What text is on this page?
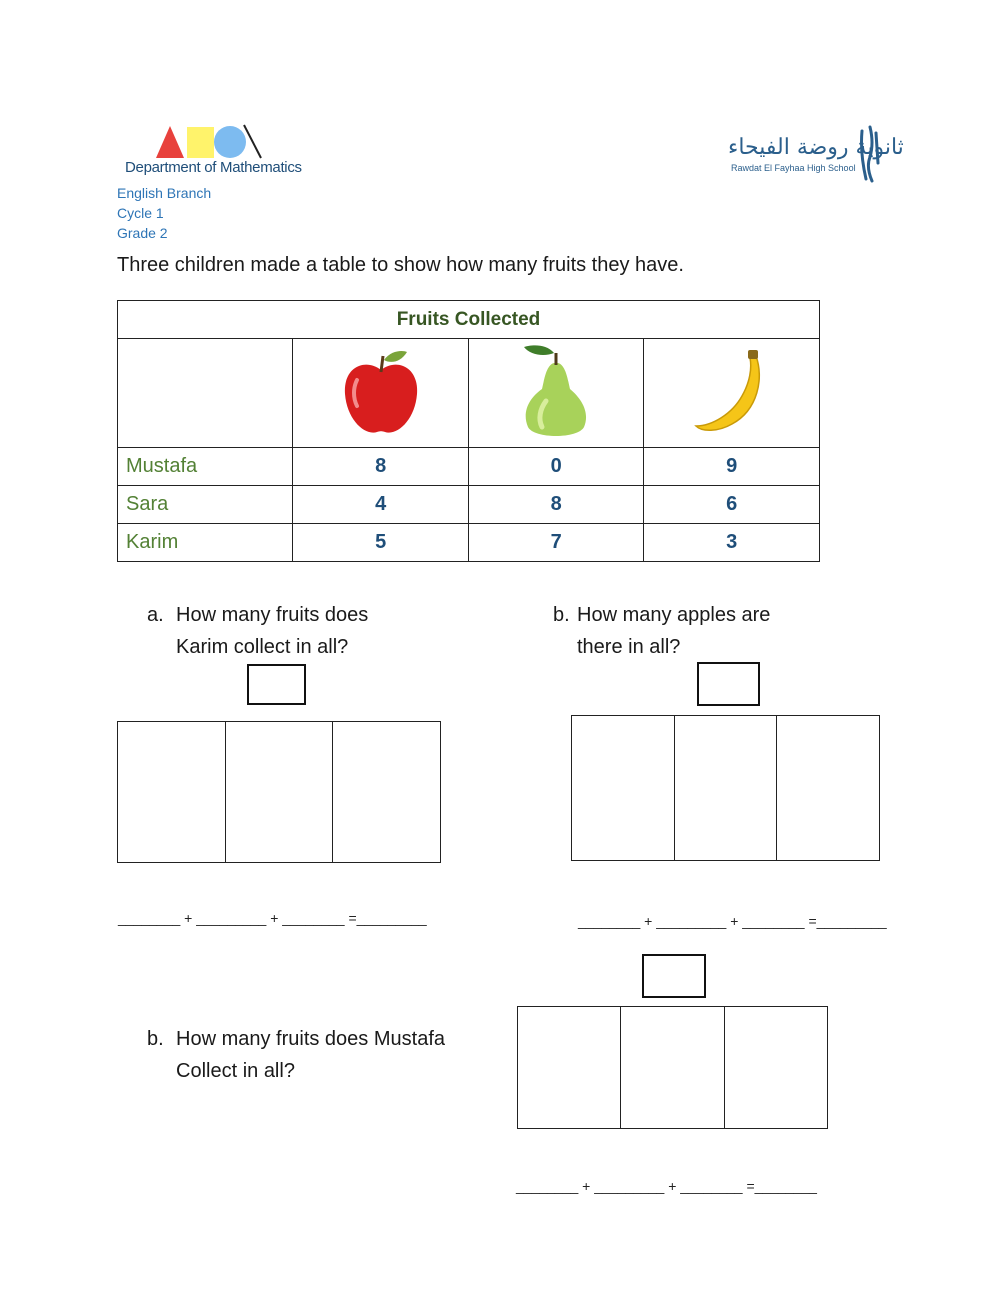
Department of Mathematics
ثانوية روضة الفيحاء
Rawdat El Fayhaa High School
English Branch
Cycle 1
Grade 2
Three children made a table to show how many fruits they have.
Fruits Collected			

Mustafa	8	0	9
Sara	4	8	6
Karim	5	7	3
a. How many fruits does
Karim collect in all?
________ + _________ + ________ =_________
b. How many apples are
there in all?
________ + _________ + ________ =_________
b. How many fruits does Mustafa
Collect in all?
________ + _________ + ________ =________
